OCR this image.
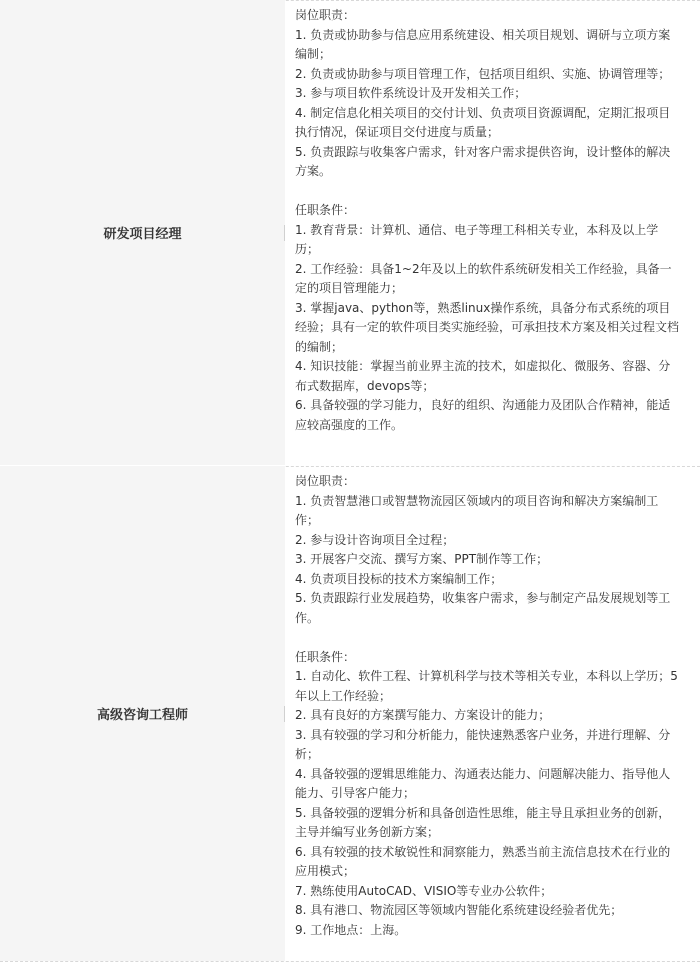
研发项目经理
岗位职责：

1. 负责或协助参与信息应用系统建设、相关项目规划、调研与立项方案编制；

2. 负责或协助参与项目管理工作，包括项目组织、实施、协调管理等；

3. 参与项目软件系统设计及开发相关工作；

4. 制定信息化相关项目的交付计划、负责项目资源调配，定期汇报项目执行情况，保证项目交付进度与质量；

5. 负责跟踪与收集客户需求，针对客户需求提供咨询，设计整体的解决方案。

任职条件：

1. 教育背景：计算机、通信、电子等理工科相关专业，本科及以上学历；

2. 工作经验：具备1~2年及以上的软件系统研发相关工作经验，具备一定的项目管理能力；

3. 掌握java、python等，熟悉linux操作系统，具备分布式系统的项目经验；具有一定的软件项目类实施经验，可承担技术方案及相关过程文档的编制；

4. 知识技能：掌握当前业界主流的技术，如虚拟化、微服务、容器、分布式数据库，devops等；

6. 具备较强的学习能力，良好的组织、沟通能力及团队合作精神，能适应较高强度的工作。

高级咨询工程师
岗位职责：

1. 负责智慧港口或智慧物流园区领域内的项目咨询和解决方案编制工作；

2. 参与设计咨询项目全过程；

3. 开展客户交流、撰写方案、PPT制作等工作；

4. 负责项目投标的技术方案编制工作；

5. 负责跟踪行业发展趋势，收集客户需求，参与制定产品发展规划等工作。

任职条件：

1. 自动化、软件工程、计算机科学与技术等相关专业，本科以上学历；5年以上工作经验；

2. 具有良好的方案撰写能力、方案设计的能力；

3. 具有较强的学习和分析能力，能快速熟悉客户业务，并进行理解、分析；

4. 具备较强的逻辑思维能力、沟通表达能力、问题解决能力、指导他人能力、引导客户能力；

5. 具备较强的逻辑分析和具备创造性思维，能主导且承担业务的创新，主导并编写业务创新方案；

6. 具有较强的技术敏锐性和洞察能力，熟悉当前主流信息技术在行业的应用模式；

7. 熟练使用AutoCAD、VISIO等专业办公软件；

8. 具有港口、物流园区等领域内智能化系统建设经验者优先；

9. 工作地点：上海。
